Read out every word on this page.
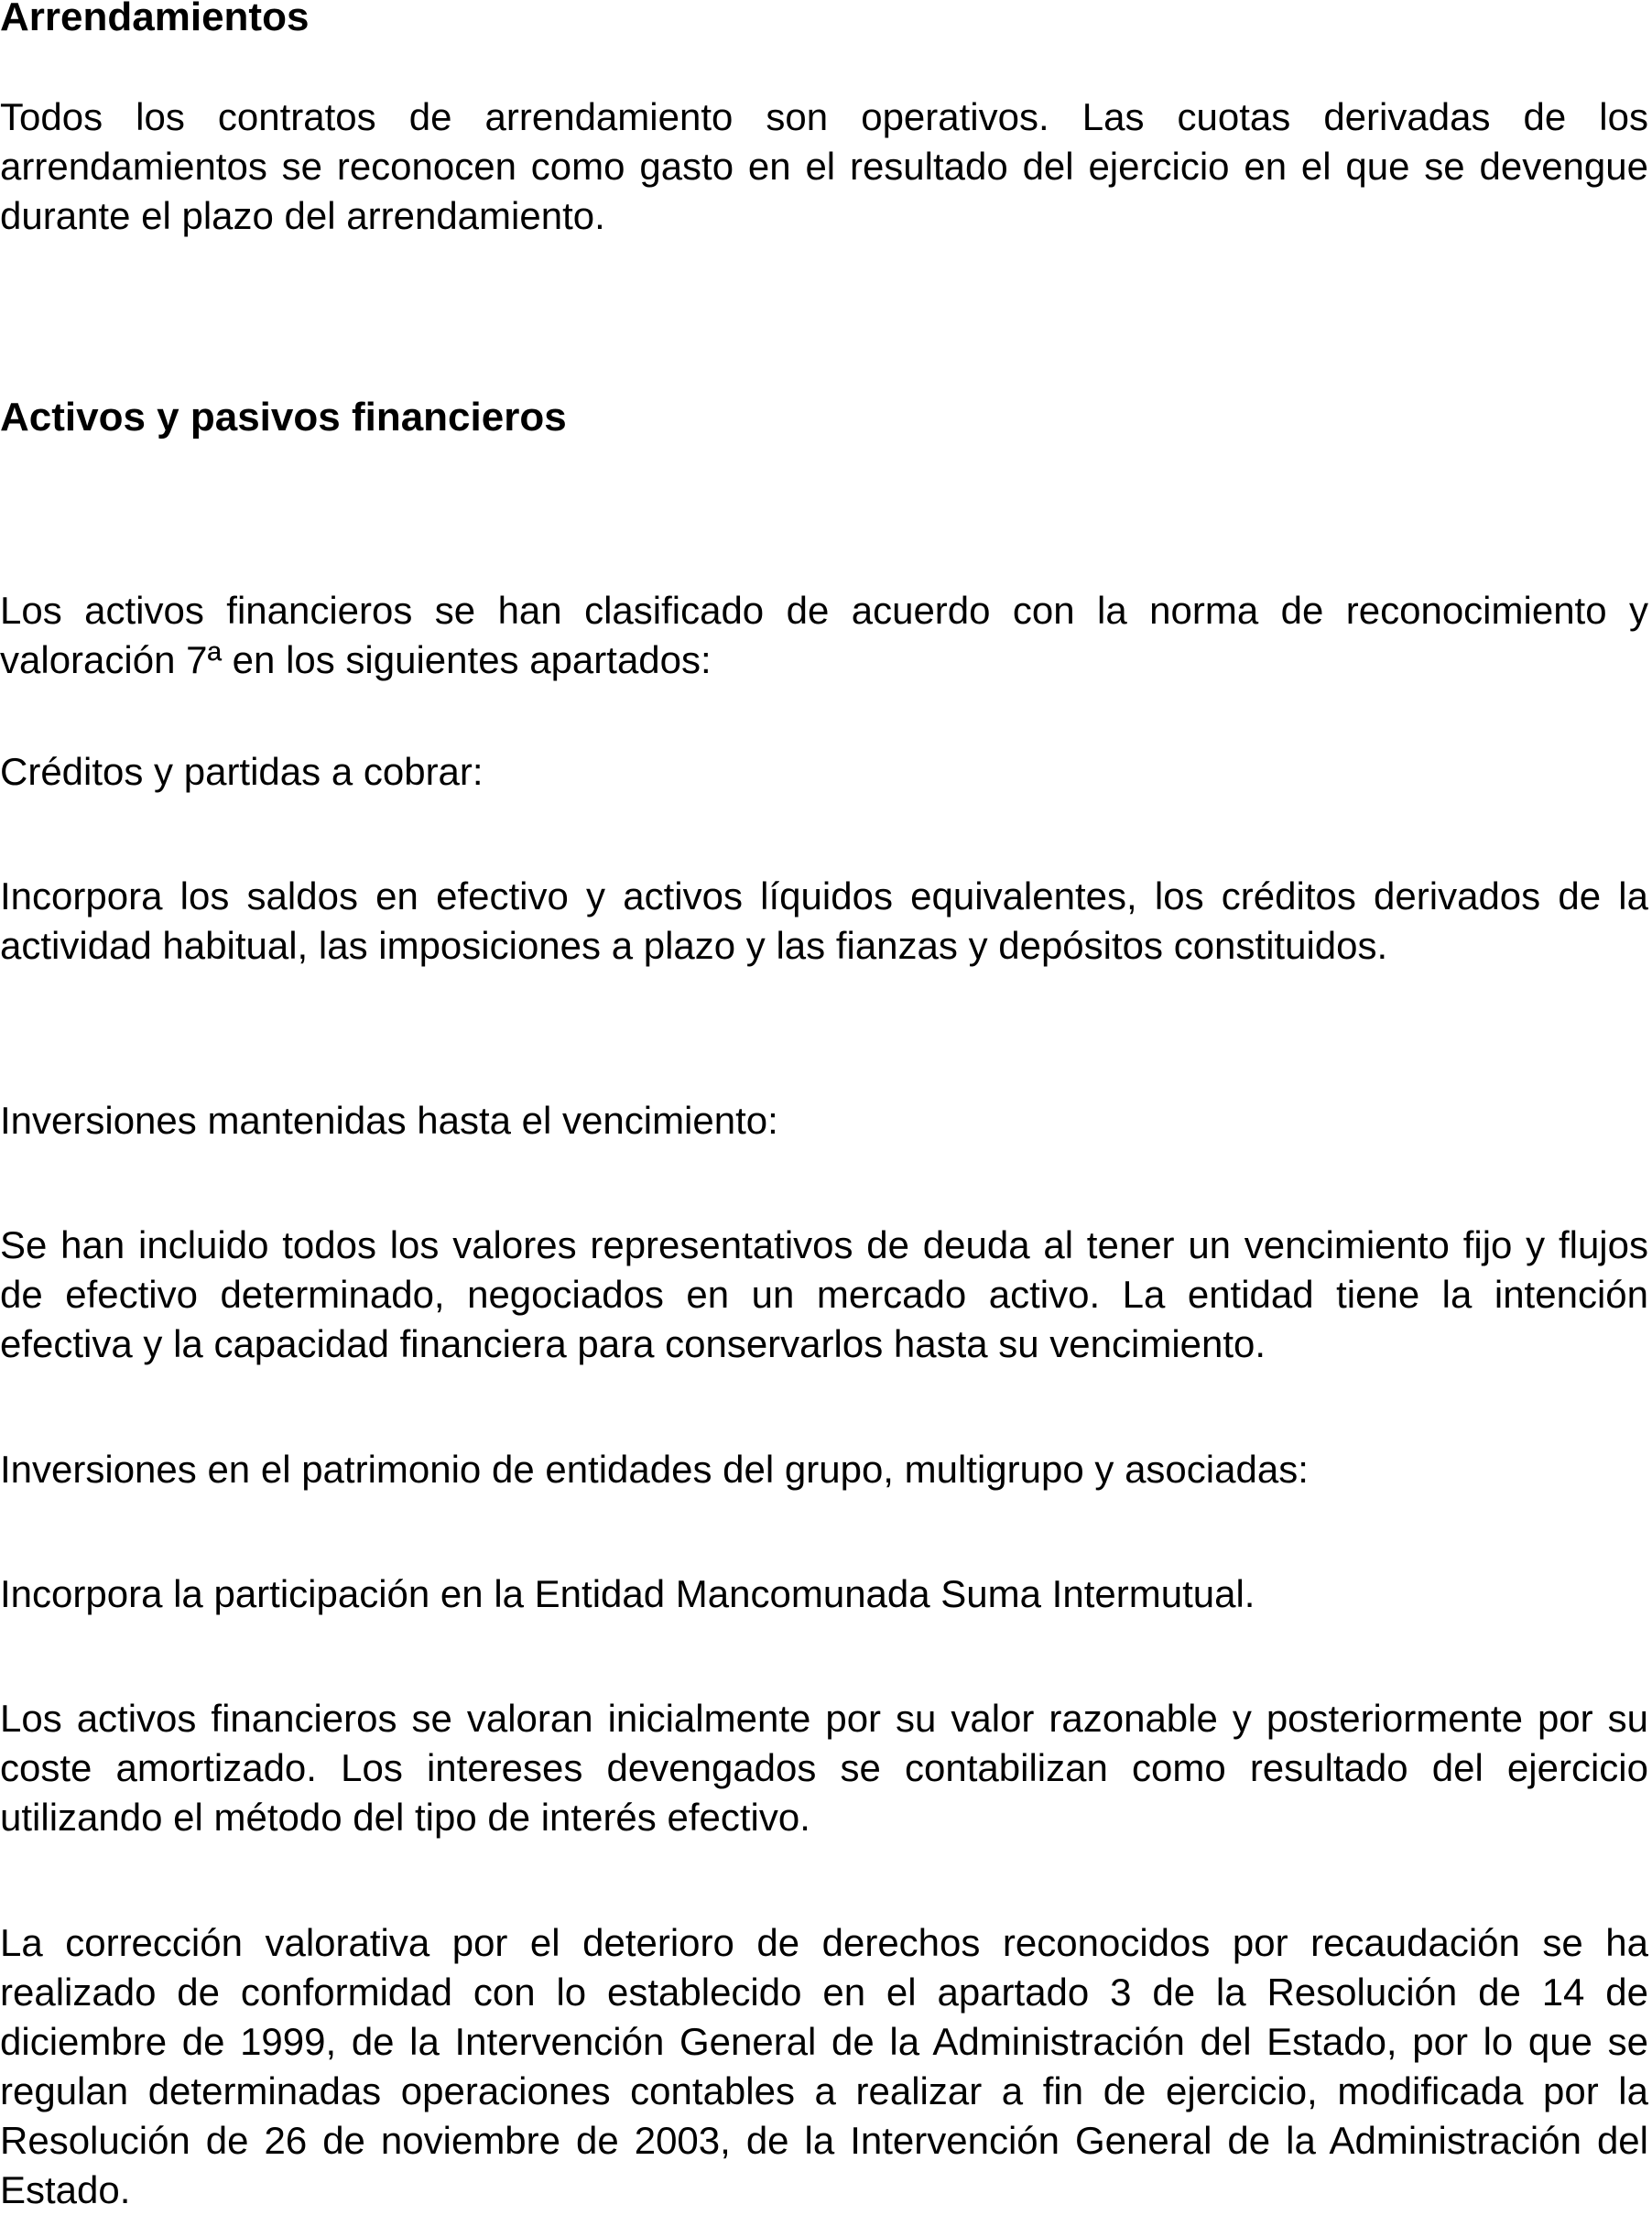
Arrendamientos

Todos los contratos de arrendamiento son operativos. Las cuotas derivadas de los arrendamientos se reconocen como gasto en el resultado del ejercicio en el que se devengue durante el plazo del arrendamiento.

Activos y pasivos financieros

Los activos financieros se han clasificado de acuerdo con la norma de reconocimiento y valoración 7ª en los siguientes apartados:

Créditos y partidas a cobrar:

Incorpora los saldos en efectivo y activos líquidos equivalentes, los créditos derivados de la actividad habitual, las imposiciones a plazo y las fianzas y depósitos constituidos.

Inversiones mantenidas hasta el vencimiento:

Se han incluido todos los valores representativos de deuda al tener un vencimiento fijo y flujos de efectivo determinado, negociados en un mercado activo. La entidad tiene la intención efectiva y la capacidad financiera para conservarlos hasta su vencimiento.

Inversiones en el patrimonio de entidades del grupo, multigrupo y asociadas:
Incorpora la participación en la Entidad Mancomunada Suma Intermutual.

Los activos financieros se valoran inicialmente por su valor razonable y posteriormente por su coste amortizado. Los intereses devengados se contabilizan como resultado del ejercicio utilizando el método del tipo de interés efectivo.

La corrección valorativa por el deterioro de derechos reconocidos por recaudación se ha realizado de conformidad con lo establecido en el apartado 3 de la Resolución de 14 de diciembre de 1999, de la Intervención General de la Administración del Estado, por lo que se regulan determinadas operaciones contables a realizar a fin de ejercicio, modificada por la Resolución de 26 de noviembre de 2003, de la Intervención General de la Administración del Estado.
